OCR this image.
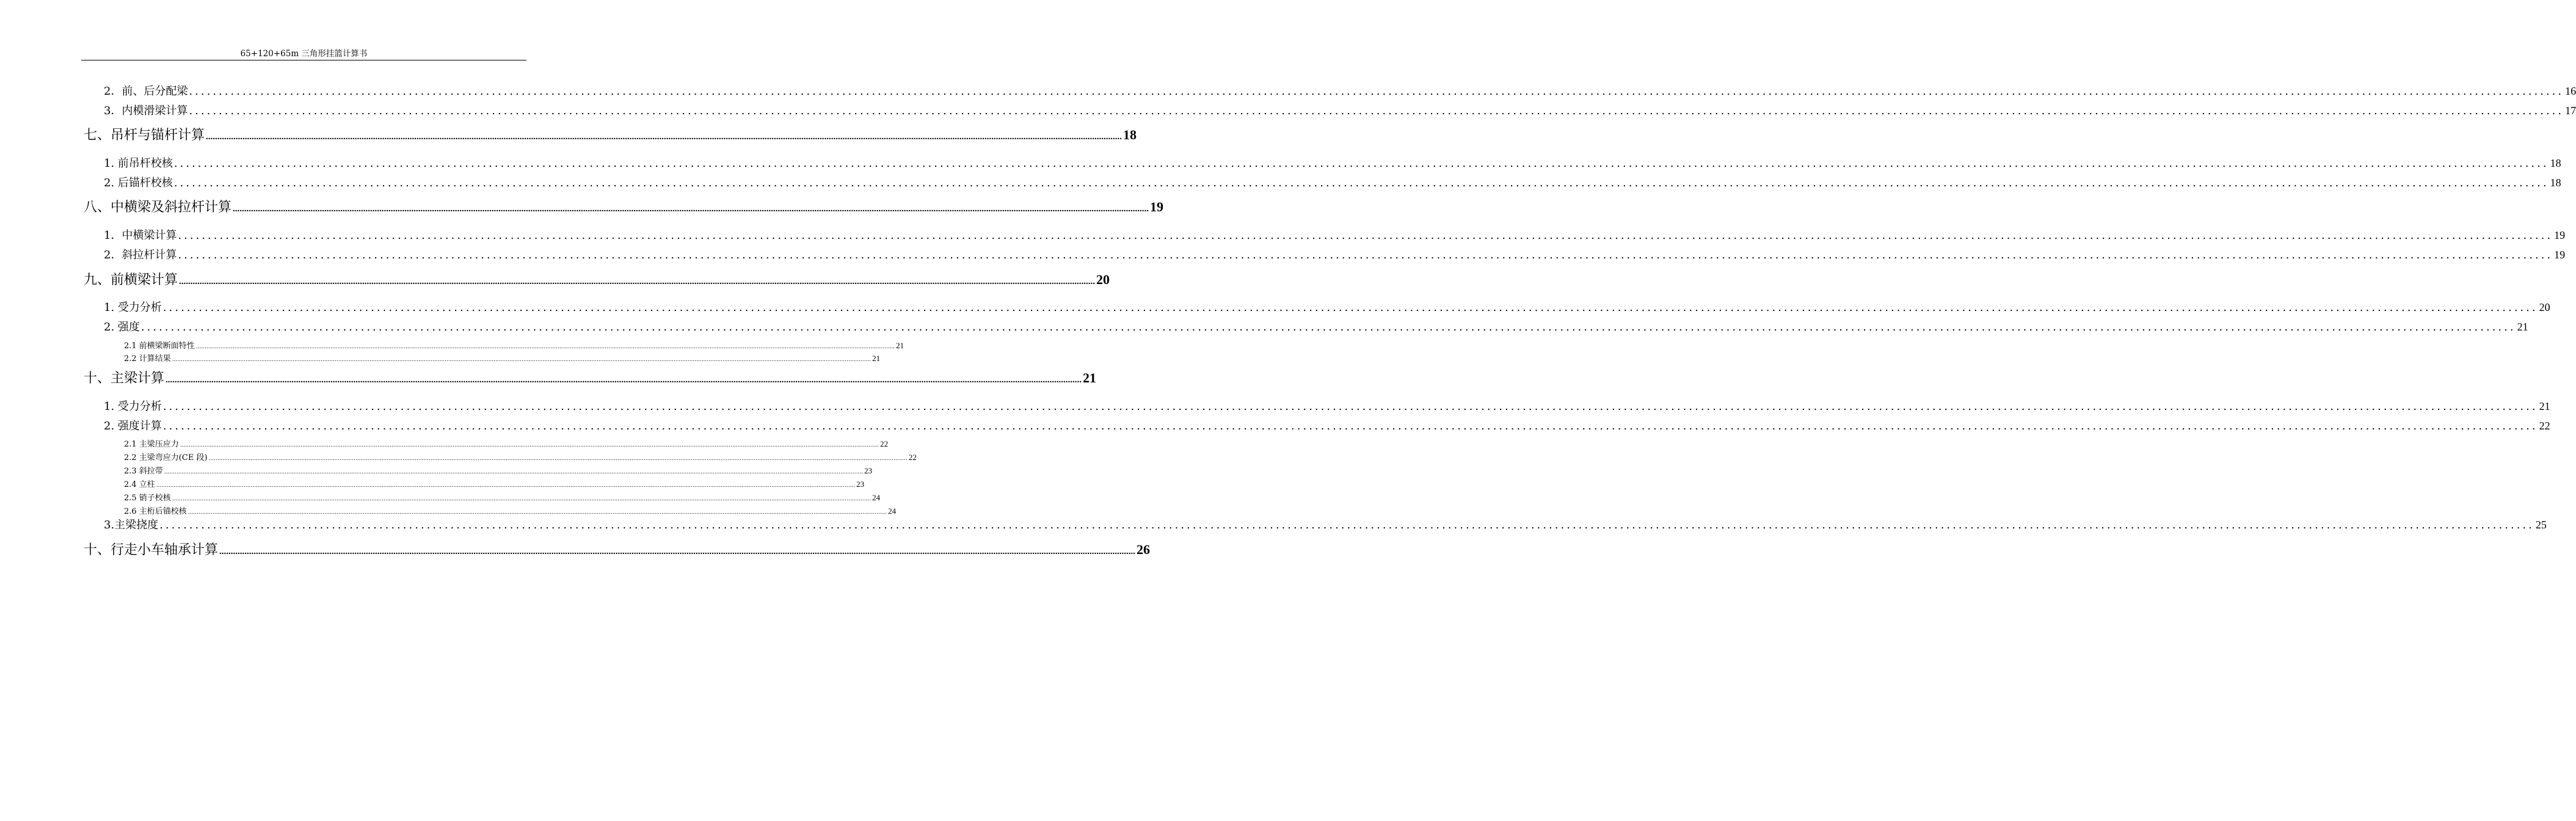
65+120+65m 三角形挂篮计算书
2．前、后分配梁 ................................................................................................................................................................................................................................................................................................................................................................................................................ 16
3．内模滑梁计算 ................................................................................................................................................................................................................................................................................................................................................................................................................ 17
七、吊杆与锚杆计算 ................................................................................................................................................................................................................................................................................................................................................................................................................ 18
1. 前吊杆校核 ................................................................................................................................................................................................................................................................................................................................................................................................................ 18
2. 后锚杆校核 ................................................................................................................................................................................................................................................................................................................................................................................................................ 18
八、中横梁及斜拉杆计算 ................................................................................................................................................................................................................................................................................................................................................................................................................ 19
1．中横梁计算 ................................................................................................................................................................................................................................................................................................................................................................................................................ 19
2．斜拉杆计算 ................................................................................................................................................................................................................................................................................................................................................................................................................ 19
九、前横梁计算 ................................................................................................................................................................................................................................................................................................................................................................................................................ 20
1. 受力分析 ................................................................................................................................................................................................................................................................................................................................................................................................................ 20
2. 强度 ................................................................................................................................................................................................................................................................................................................................................................................................................ 21
2.1 前横梁断面特性 ................................................................................................................................................................................................................................................................................................................................................................................................................ 21
2.2 计算结果 ................................................................................................................................................................................................................................................................................................................................................................................................................ 21
十、主梁计算 ................................................................................................................................................................................................................................................................................................................................................................................................................ 21
1. 受力分析 ................................................................................................................................................................................................................................................................................................................................................................................................................ 21
2. 强度计算 ................................................................................................................................................................................................................................................................................................................................................................................................................ 22
2.1 主梁压应力 ................................................................................................................................................................................................................................................................................................................................................................................................................ 22
2.2 主梁弯应力(CE 段) ................................................................................................................................................................................................................................................................................................................................................................................................................ 22
2.3 斜拉带 ................................................................................................................................................................................................................................................................................................................................................................................................................ 23
2.4 立柱 ................................................................................................................................................................................................................................................................................................................................................................................................................ 23
2.5 销子校核 ................................................................................................................................................................................................................................................................................................................................................................................................................ 24
2.6 主桁后锚校核 ................................................................................................................................................................................................................................................................................................................................................................................................................ 24
3.主梁挠度 ................................................................................................................................................................................................................................................................................................................................................................................................................ 25
十、行走小车轴承计算 ................................................................................................................................................................................................................................................................................................................................................................................................................ 26
